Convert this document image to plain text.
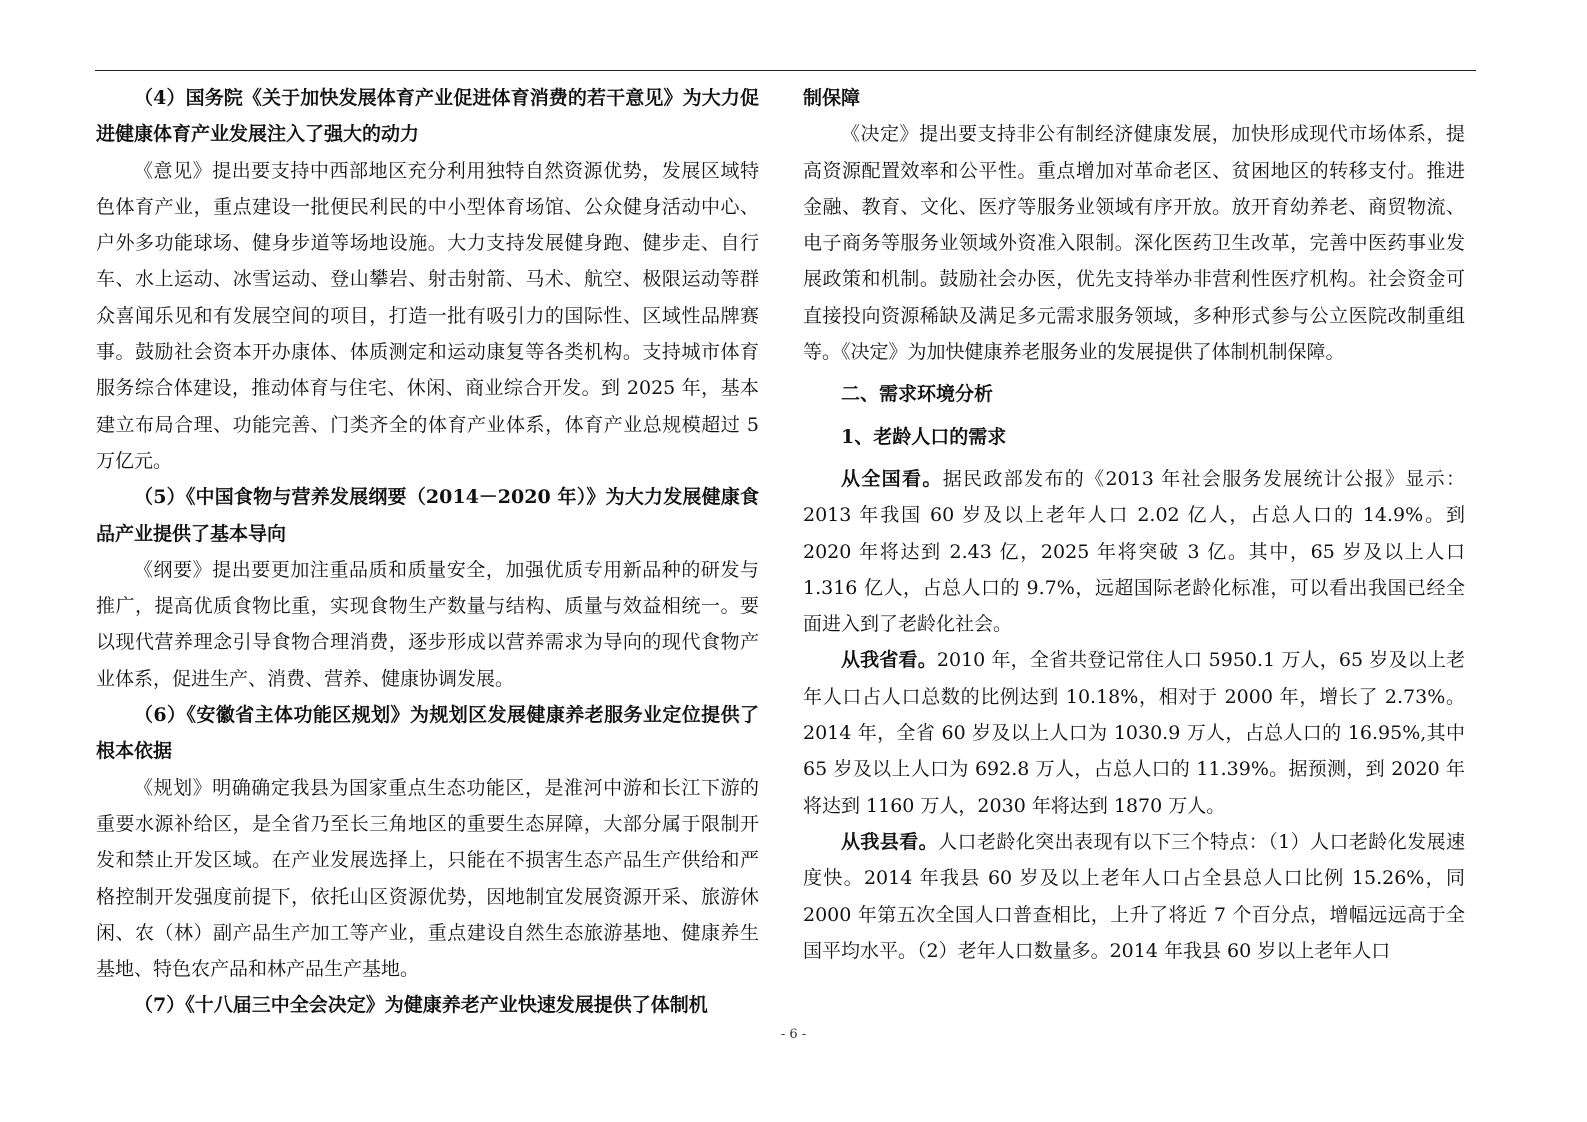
（4）国务院《关于加快发展体育产业促进体育消费的若干意见》为大力促进健康体育产业发展注入了强大的动力

《意见》提出要支持中西部地区充分利用独特自然资源优势，发展区域特色体育产业，重点建设一批便民利民的中小型体育场馆、公众健身活动中心、户外多功能球场、健身步道等场地设施。大力支持发展健身跑、健步走、自行车、水上运动、冰雪运动、登山攀岩、射击射箭、马术、航空、极限运动等群众喜闻乐见和有发展空间的项目，打造一批有吸引力的国际性、区域性品牌赛事。鼓励社会资本开办康体、体质测定和运动康复等各类机构。支持城市体育服务综合体建设，推动体育与住宅、休闲、商业综合开发。到 2025 年，基本建立布局合理、功能完善、门类齐全的体育产业体系，体育产业总规模超过 5 万亿元。

（5）《中国食物与营养发展纲要（2014－2020 年）》为大力发展健康食品产业提供了基本导向

《纲要》提出要更加注重品质和质量安全，加强优质专用新品种的研发与推广，提高优质食物比重，实现食物生产数量与结构、质量与效益相统一。要以现代营养理念引导食物合理消费，逐步形成以营养需求为导向的现代食物产业体系，促进生产、消费、营养、健康协调发展。

（6）《安徽省主体功能区规划》为规划区发展健康养老服务业定位提供了根本依据

《规划》明确确定我县为国家重点生态功能区，是淮河中游和长江下游的重要水源补给区，是全省乃至长三角地区的重要生态屏障，大部分属于限制开发和禁止开发区域。在产业发展选择上，只能在不损害生态产品生产供给和严格控制开发强度前提下，依托山区资源优势，因地制宜发展资源开采、旅游休闲、农（林）副产品生产加工等产业，重点建设自然生态旅游基地、健康养生基地、特色农产品和林产品生产基地。

（7）《十八届三中全会决定》为健康养老产业快速发展提供了体制机

制保障

《决定》提出要支持非公有制经济健康发展，加快形成现代市场体系，提高资源配置效率和公平性。重点增加对革命老区、贫困地区的转移支付。推进金融、教育、文化、医疗等服务业领域有序开放。放开育幼养老、商贸物流、电子商务等服务业领域外资准入限制。深化医药卫生改革，完善中医药事业发展政策和机制。鼓励社会办医，优先支持举办非营利性医疗机构。社会资金可直接投向资源稀缺及满足多元需求服务领域，多种形式参与公立医院改制重组等。《决定》为加快健康养老服务业的发展提供了体制机制保障。

二、需求环境分析

1、老龄人口的需求

从全国看。据民政部发布的《2013 年社会服务发展统计公报》显示：2013 年我国 60 岁及以上老年人口 2.02 亿人，占总人口的 14.9%。到 2020 年将达到 2.43 亿，2025 年将突破 3 亿。其中，65 岁及以上人口 1.316 亿人，占总人口的 9.7%，远超国际老龄化标准，可以看出我国已经全面进入到了老龄化社会。

从我省看。2010 年，全省共登记常住人口 5950.1 万人，65 岁及以上老年人口占人口总数的比例达到 10.18%，相对于 2000 年，增长了 2.73%。2014 年，全省 60 岁及以上人口为 1030.9 万人，占总人口的 16.95%,其中 65 岁及以上人口为 692.8 万人，占总人口的 11.39%。据预测，到 2020 年将达到 1160 万人，2030 年将达到 1870 万人。

从我县看。人口老龄化突出表现有以下三个特点：（1）人口老龄化发展速度快。2014 年我县 60 岁及以上老年人口占全县总人口比例 15.26%，同 2000 年第五次全国人口普查相比，上升了将近 7 个百分点，增幅远远高于全国平均水平。（2）老年人口数量多。2014 年我县 60 岁以上老年人口

- 6 -
